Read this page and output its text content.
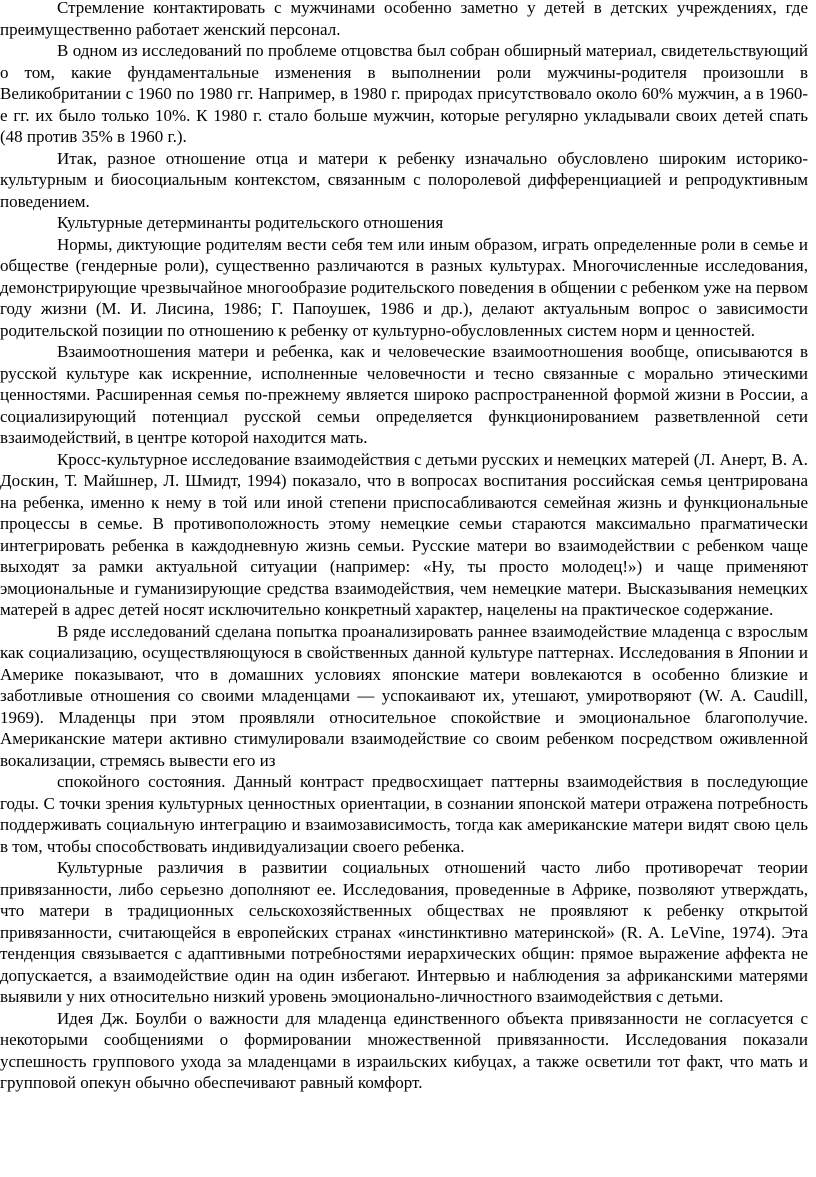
Стремление контактировать с мужчинами особенно заметно у детей в детских учреждениях, где преимущественно работает женский персонал.

В одном из исследований по проблеме отцовства был собран обширный материал, свидетельствующий о том, какие фундаментальные изменения в выполнении роли мужчины-родителя произошли в Великобритании с 1960 по 1980 гг. Например, в 1980 г. природах присутствовало около 60% мужчин, а в 1960-е гг. их было только 10%. К 1980 г. стало больше мужчин, которые регулярно укладывали своих детей спать (48 против 35% в 1960 г.).

Итак, разное отношение отца и матери к ребенку изначально обусловлено широким историко-культурным и биосоциальным контекстом, связанным с полоролевой дифференциацией и репродуктивным поведением.

Культурные детерминанты родительского отношения

Нормы, диктующие родителям вести себя тем или иным образом, играть определенные роли в семье и обществе (гендерные роли), существенно различаются в разных культурах. Многочисленные исследования, демонстрирующие чрезвычайное многообразие родительского поведения в общении с ребенком уже на первом году жизни (М. И. Лисина, 1986; Г. Папоушек, 1986 и др.), делают актуальным вопрос о зависимости родительской позиции по отношению к ребенку от культурно-обусловленных систем норм и ценностей.

Взаимоотношения матери и ребенка, как и человеческие взаимоотношения вообще, описываются в русской культуре как искренние, исполненные человечности и тесно связанные с морально этическими ценностями. Расширенная семья по-прежнему является широко распространенной формой жизни в России, а социализирующий потенциал русской семьи определяется функционированием разветвленной сети взаимодействий, в центре которой находится мать.

Кросс-культурное исследование взаимодействия с детьми русских и немецких матерей (Л. Анерт, В. А. Доскин, Т. Майшнер, Л. Шмидт, 1994) показало, что в вопросах воспитания российская семья центрирована на ребенка, именно к нему в той или иной степени приспосабливаются семейная жизнь и функциональные процессы в семье. В противоположность этому немецкие семьи стараются максимально прагматически интегрировать ребенка в каждодневную жизнь семьи. Русские матери во взаимодействии с ребенком чаще выходят за рамки актуальной ситуации (например: «Ну, ты просто молодец!») и чаще применяют эмоциональные и гуманизирующие средства взаимодействия, чем немецкие матери. Высказывания немецких матерей в адрес детей носят исключительно конкретный характер, нацелены на практическое содержание.

В ряде исследований сделана попытка проанализировать раннее взаимодействие младенца с взрослым как социализацию, осуществляющуюся в свойственных данной культуре паттернах. Исследования в Японии и Америке показывают, что в домашних условиях японские матери вовлекаются в особенно близкие и заботливые отношения со своими младенцами — успокаивают их, утешают, умиротворяют (W. A. Caudill, 1969). Младенцы при этом проявляли относительное спокойствие и эмоциональное благополучие. Американские матери активно стимулировали взаимодействие со своим ребенком посредством оживленной вокализации, стремясь вывести его из

спокойного состояния. Данный контраст предвосхищает паттерны взаимодействия в последующие годы. С точки зрения культурных ценностных ориентации, в сознании японской матери отражена потребность поддерживать социальную интеграцию и взаимозависимость, тогда как американские матери видят свою цель в том, чтобы способствовать индивидуализации своего ребенка.

Культурные различия в развитии социальных отношений часто либо противоречат теории привязанности, либо серьезно дополняют ее. Исследования, проведенные в Африке, позволяют утверждать, что матери в традиционных сельскохозяйственных обществах не проявляют к ребенку открытой привязанности, считающейся в европейских странах «инстинктивно материнской» (R. A. LeVine, 1974). Эта тенденция связывается с адаптивными потребностями иерархических общин: прямое выражение аффекта не допускается, а взаимодействие один на один избегают. Интервью и наблюдения за африканскими матерями выявили у них относительно низкий уровень эмоционально-личностного взаимодействия с детьми.

Идея Дж. Боулби о важности для младенца единственного объекта привязанности не согласуется с некоторыми сообщениями о формировании множественной привязанности. Исследования показали успешность группового ухода за младенцами в израильских кибуцах, а также осветили тот факт, что мать и групповой опекун обычно обеспечивают равный комфорт.
